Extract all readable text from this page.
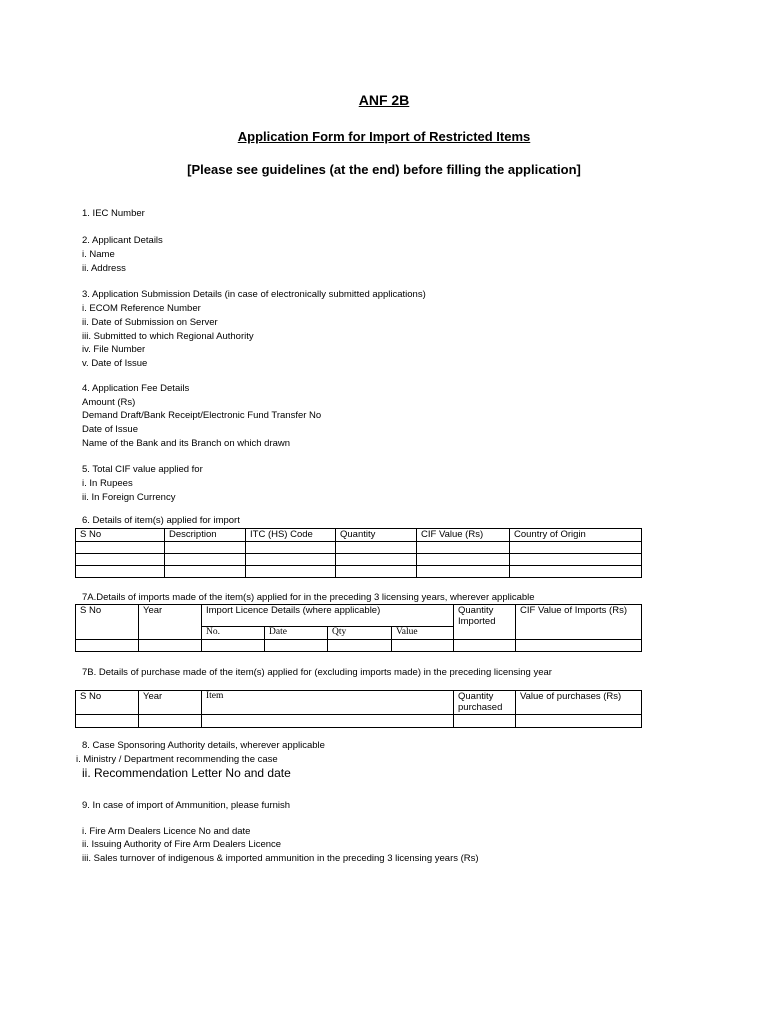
ANF 2B
Application Form for Import of Restricted Items
[Please see guidelines (at the end) before filling the application]
1. IEC Number
2. Applicant Details
i. Name
ii. Address
3. Application Submission Details (in case of electronically submitted applications)
i. ECOM Reference Number
ii. Date of Submission on Server
iii. Submitted to which Regional Authority
iv. File Number
v. Date of Issue
4. Application Fee Details
Amount (Rs)
Demand Draft/Bank Receipt/Electronic Fund Transfer No
Date of Issue
Name of the Bank and its Branch on which drawn
5. Total CIF value applied for
i. In Rupees
ii. In Foreign Currency
6. Details of item(s) applied for import
S No	Description	ITC (HS) Code	Quantity	CIF Value (Rs)	Country of Origin

7A.Details of imports made of the item(s) applied for in the preceding 3 licensing years, wherever applicable
S No	Year	Import Licence Details (where applicable)				Quantity Imported	CIF Value of Imports (Rs)
		No.	Date	Qty	Value		

7B. Details of purchase made of the item(s) applied for (excluding imports made) in the preceding licensing year
S No	Year	Item	Quantity purchased	Value of purchases (Rs)

8. Case Sponsoring Authority details, wherever applicable
i. Ministry / Department recommending the case
ii. Recommendation Letter No and date
9. In case of import of Ammunition, please furnish
i. Fire Arm Dealers Licence No and date
ii. Issuing Authority of Fire Arm Dealers Licence
iii. Sales turnover of indigenous & imported ammunition in the preceding 3 licensing years (Rs)
